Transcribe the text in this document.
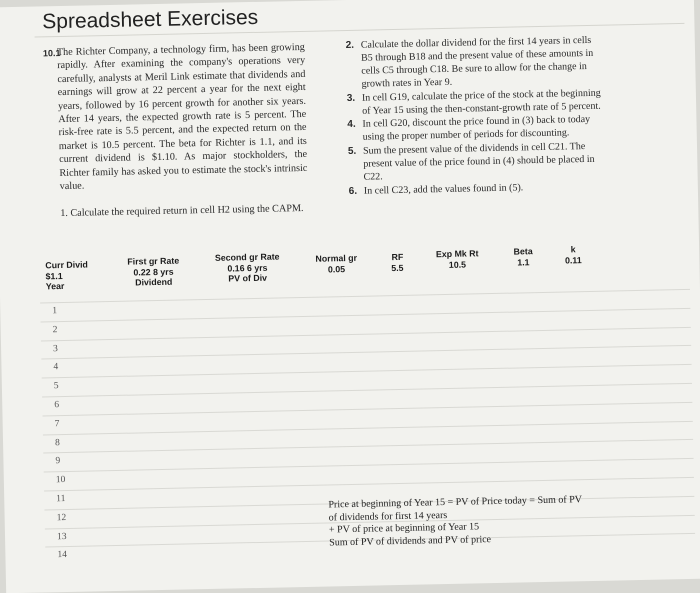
Spreadsheet Exercises
10.1
The Richter Company, a technology firm, has been growing rapidly. After examining the company's operations very carefully, analysts at Meril Link estimate that dividends and earnings will grow at 22 percent a year for the next eight years, followed by 16 percent growth for another six years. After 14 years, the expected growth rate is 5 percent. The risk-free rate is 5.5 percent, and the expected return on the market is 10.5 percent. The beta for Richter is 1.1, and its current dividend is $1.10. As major stockholders, the Richter family has asked you to estimate the stock's intrinsic value.
1. Calculate the required return in cell H2 using the CAPM.
2. Calculate the dollar dividend for the first 14 years in cells B5 through B18 and the present value of these amounts in cells C5 through C18. Be sure to allow for the change in growth rates in Year 9.
3. In cell G19, calculate the price of the stock at the beginning of Year 15 using the then-constant-growth rate of 5 percent.
4. In cell G20, discount the price found in (3) back to today using the proper number of periods for discounting.
5. Sum the present value of the dividends in cell C21. The present value of the price found in (4) should be placed in C22.
6. In cell C23, add the values found in (5).
Curr Divid
$1.1
Year
First gr Rate
0.22 8 yrs
Dividend
Second gr Rate
0.16 6 yrs
PV of Div
Normal gr
0.05
RF
5.5
Exp Mk Rt
10.5
Beta
1.1
k
0.11
1
2
3
4
5
6
7
8
9
10
11
12
13
14
Price at beginning of Year 15 = PV of Price today = Sum of PV
of dividends for first 14 years
+ PV of price at beginning of Year 15
Sum of PV of dividends and PV of price
